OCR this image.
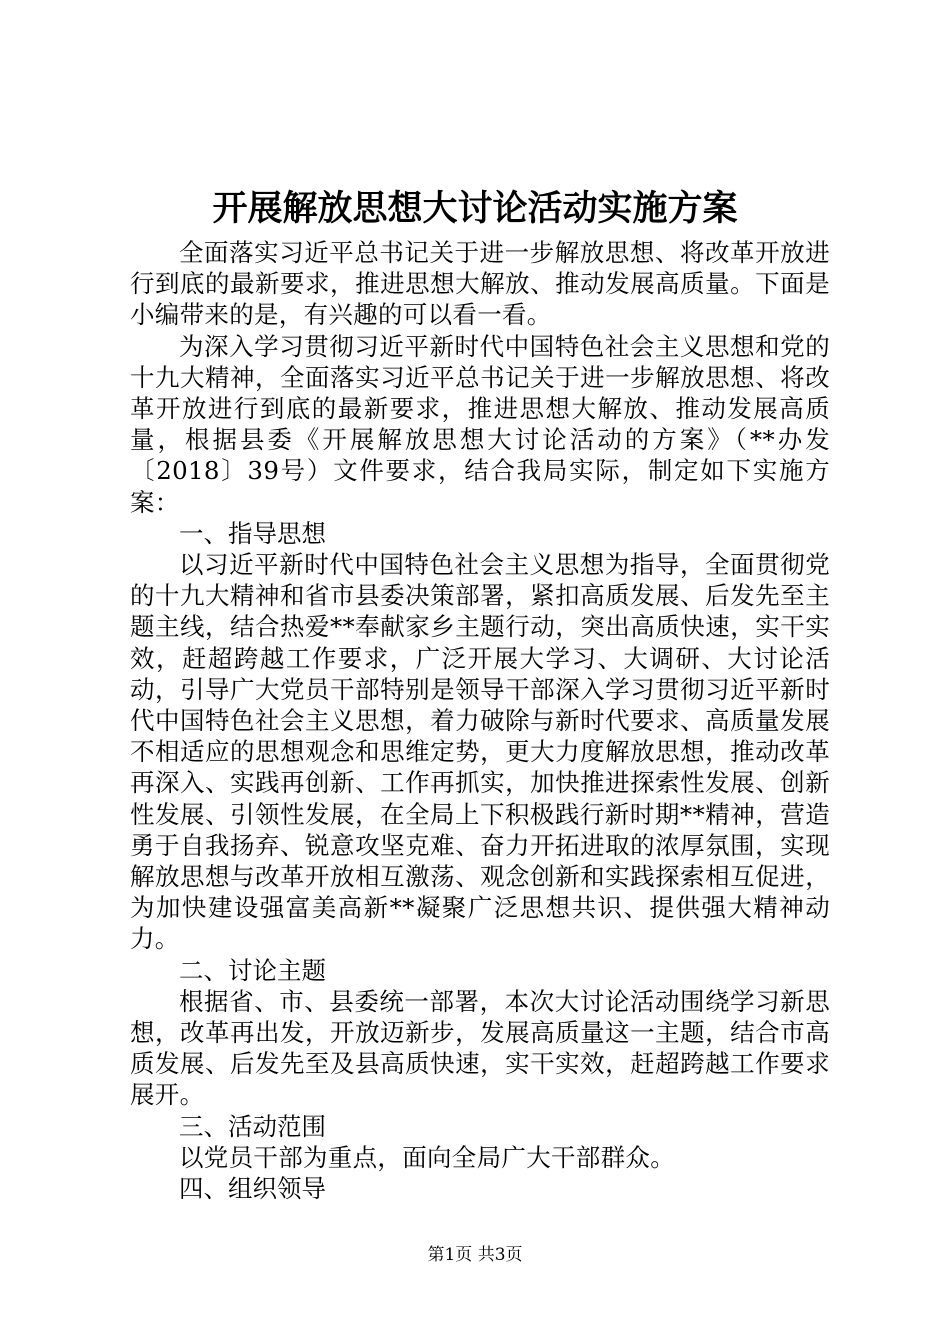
开展解放思想大讨论活动实施方案

全面落实习近平总书记关于进一步解放思想、将改革开放进行到底的最新要求，推进思想大解放、推动发展高质量。下面是小编带来的是，有兴趣的可以看一看。

为深入学习贯彻习近平新时代中国特色社会主义思想和党的十九大精神，全面落实习近平总书记关于进一步解放思想、将改革开放进行到底的最新要求，推进思想大解放、推动发展高质量，根据县委《开展解放思想大讨论活动的方案》（**办发〔2018〕39号）文件要求，结合我局实际，制定如下实施方案：

一、指导思想

以习近平新时代中国特色社会主义思想为指导，全面贯彻党的十九大精神和省市县委决策部署，紧扣高质发展、后发先至主题主线，结合热爱**奉献家乡主题行动，突出高质快速，实干实效，赶超跨越工作要求，广泛开展大学习、大调研、大讨论活动，引导广大党员干部特别是领导干部深入学习贯彻习近平新时代中国特色社会主义思想，着力破除与新时代要求、高质量发展不相适应的思想观念和思维定势，更大力度解放思想，推动改革再深入、实践再创新、工作再抓实，加快推进探索性发展、创新性发展、引领性发展，在全局上下积极践行新时期**精神，营造勇于自我扬弃、锐意攻坚克难、奋力开拓进取的浓厚氛围，实现解放思想与改革开放相互激荡、观念创新和实践探索相互促进，为加快建设强富美高新**凝聚广泛思想共识、提供强大精神动力。

二、讨论主题

根据省、市、县委统一部署，本次大讨论活动围绕学习新思想，改革再出发，开放迈新步，发展高质量这一主题，结合市高质发展、后发先至及县高质快速，实干实效，赶超跨越工作要求展开。

三、活动范围

以党员干部为重点，面向全局广大干部群众。

四、组织领导

第1页 共3页
